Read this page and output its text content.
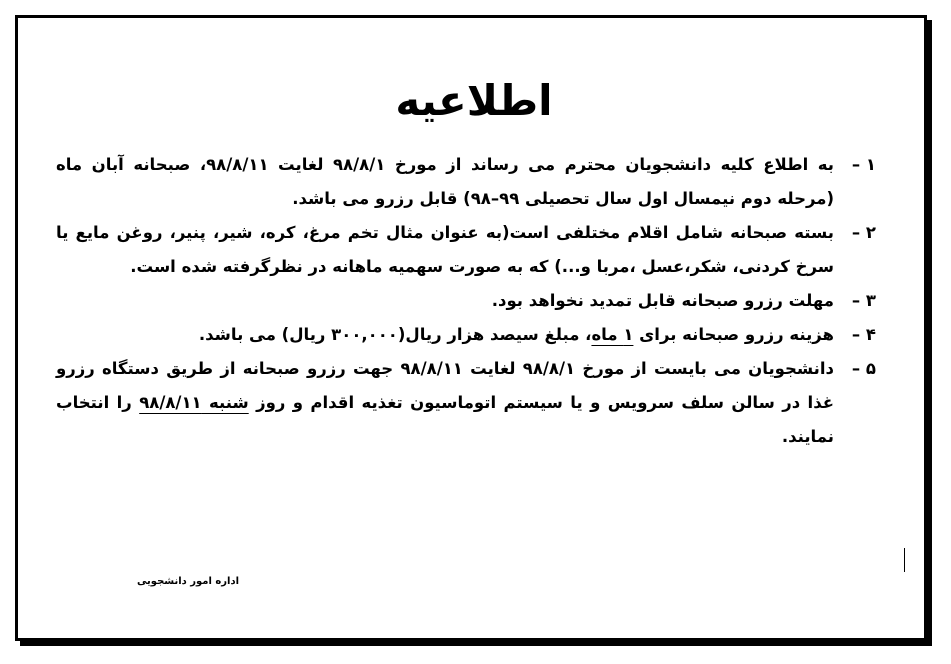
اطلاعیه
۱ –
به اطلاع کلیه دانشجویان محترم می رساند از مورخ ۹۸/۸/۱ لغایت ۹۸/۸/۱۱، صبحانه آبان ماه (مرحله دوم نیمسال اول سال تحصیلی ۹۹–۹۸) قابل رزرو می باشد.
۲ –
بسته صبحانه شامل اقلام مختلفی است(به عنوان مثال تخم مرغ، کره، شیر، پنیر، روغن مایع یا سرخ کردنی، شکر،عسل ،مربا و...) که به صورت سهمیه ماهانه در نظرگرفته شده است.
۳ –
مهلت رزرو صبحانه قابل تمدید نخواهد بود.
۴ –
هزینه رزرو صبحانه برای ۱ ماه، مبلغ سیصد هزار ریال(۳۰۰,۰۰۰ ریال) می باشد.
۵ –
دانشجویان می بایست از مورخ ۹۸/۸/۱ لغایت ۹۸/۸/۱۱ جهت رزرو صبحانه از طریق دستگاه رزرو غذا در سالن سلف سرویس و یا سیستم اتوماسیون تغذیه اقدام و روز شنبه ۹۸/۸/۱۱ را انتخاب نمایند.
اداره امور دانشجویی
